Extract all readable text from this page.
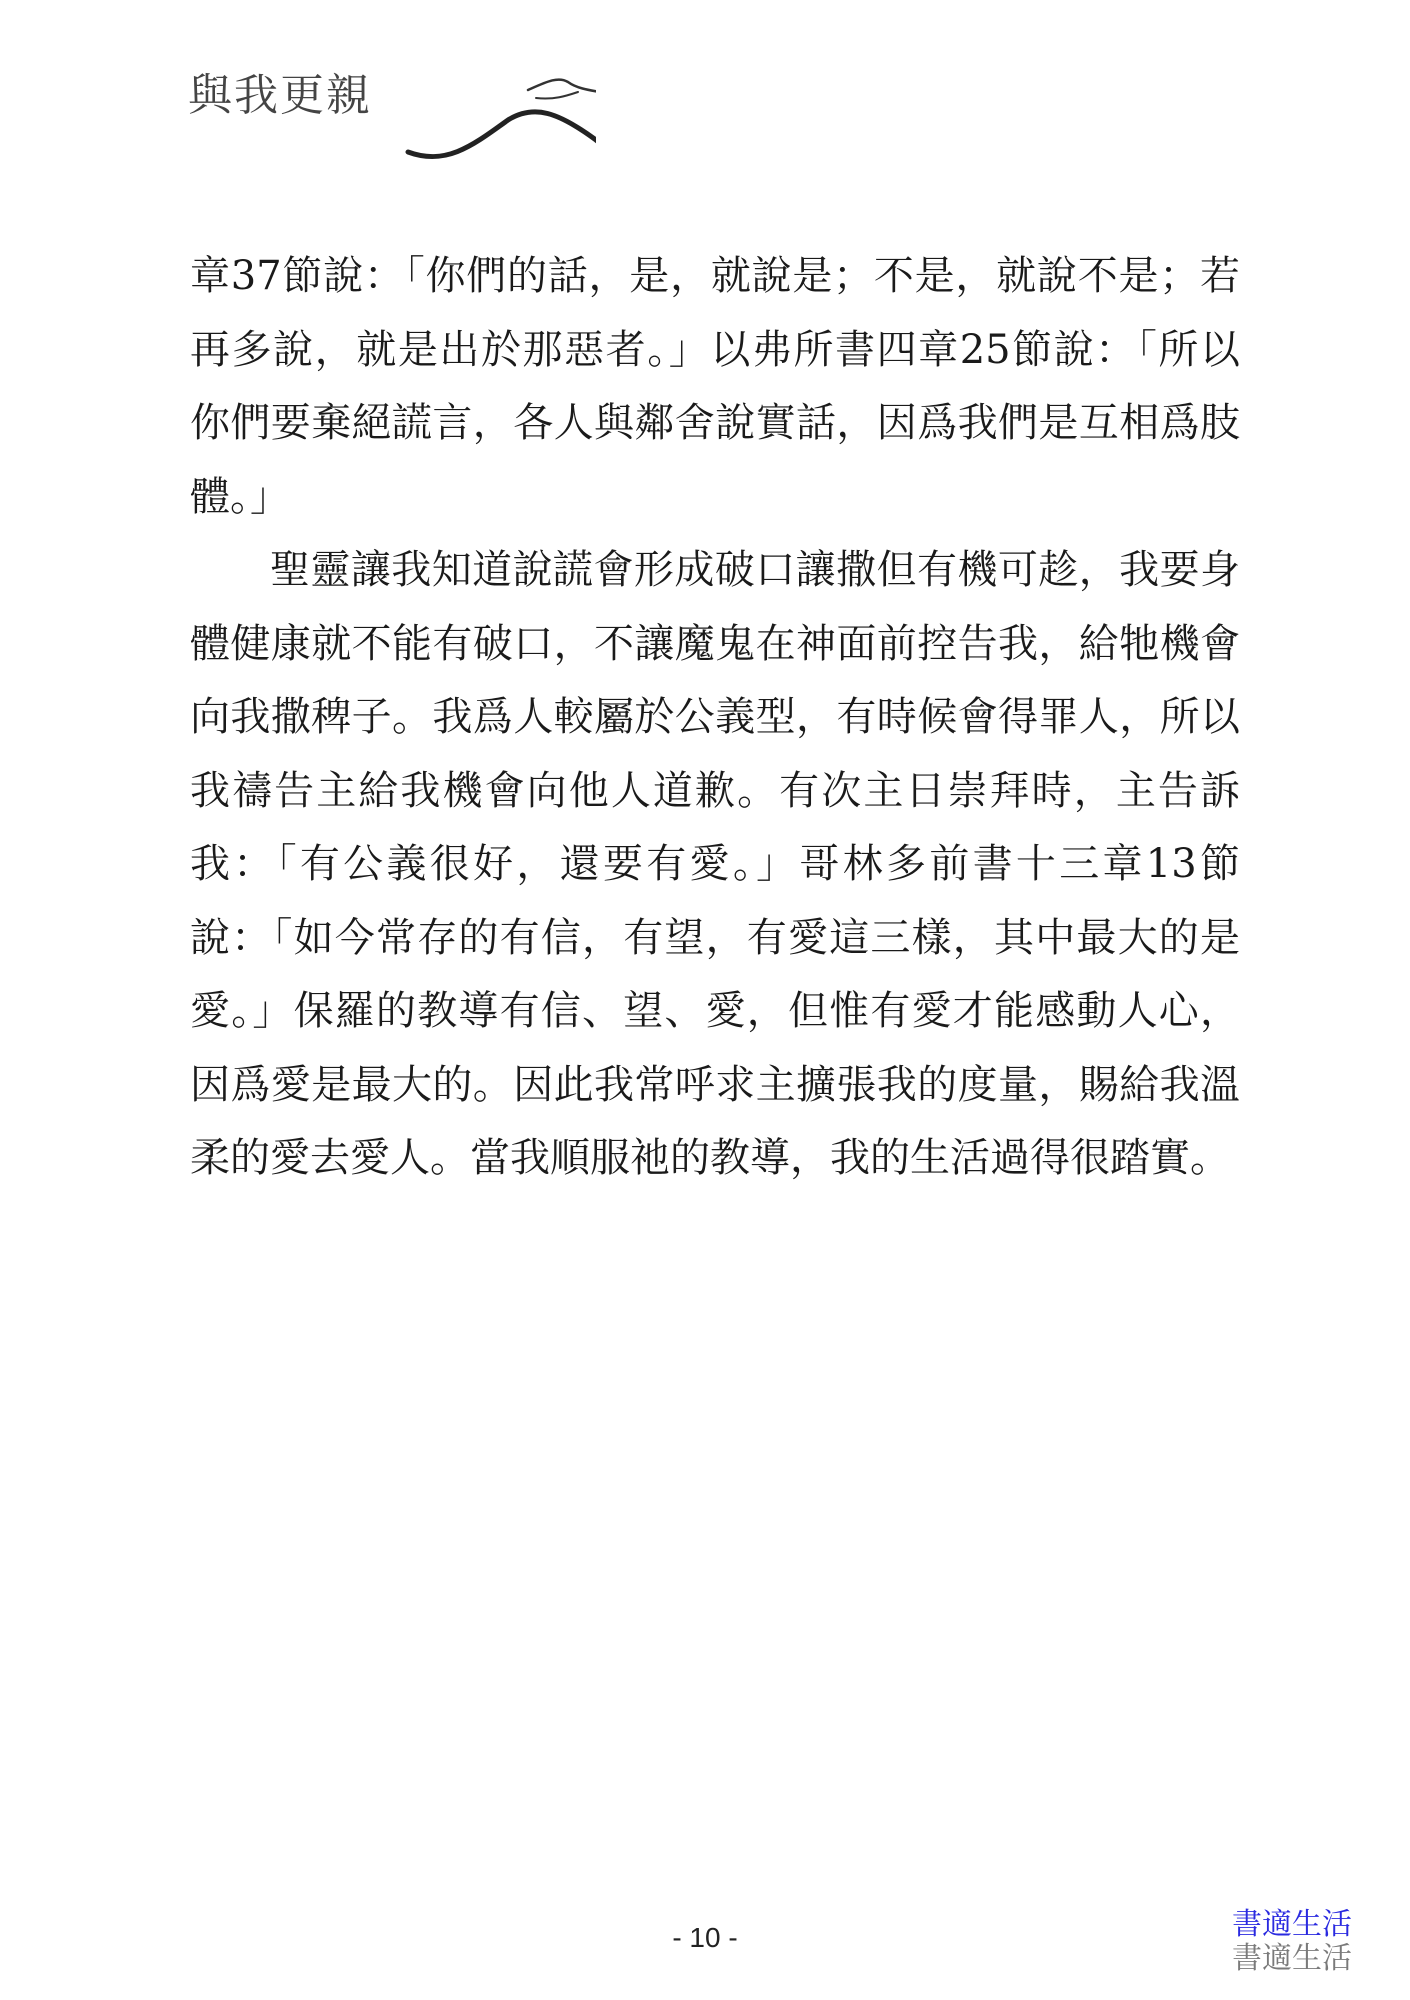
與我更親

章37節說：「你們的話，是，就說是；不是，就說不是；若再多說，就是出於那惡者。」以弗所書四章25節說：「所以你們要棄絕謊言，各人與鄰舍說實話，因爲我們是互相爲肢體。」

聖靈讓我知道說謊會形成破口讓撒但有機可趁，我要身體健康就不能有破口，不讓魔鬼在神面前控告我，給牠機會向我撒稗子。我爲人較屬於公義型，有時候會得罪人，所以我禱告主給我機會向他人道歉。有次主日崇拜時，主告訴我：「有公義很好，還要有愛。」哥林多前書十三章13節說：「如今常存的有信，有望，有愛這三樣，其中最大的是愛。」保羅的教導有信、望、愛，但惟有愛才能感動人心，因爲愛是最大的。因此我常呼求主擴張我的度量，賜給我溫柔的愛去愛人。當我順服祂的教導，我的生活過得很踏實。

- 10 -	書適生活
書適生活
